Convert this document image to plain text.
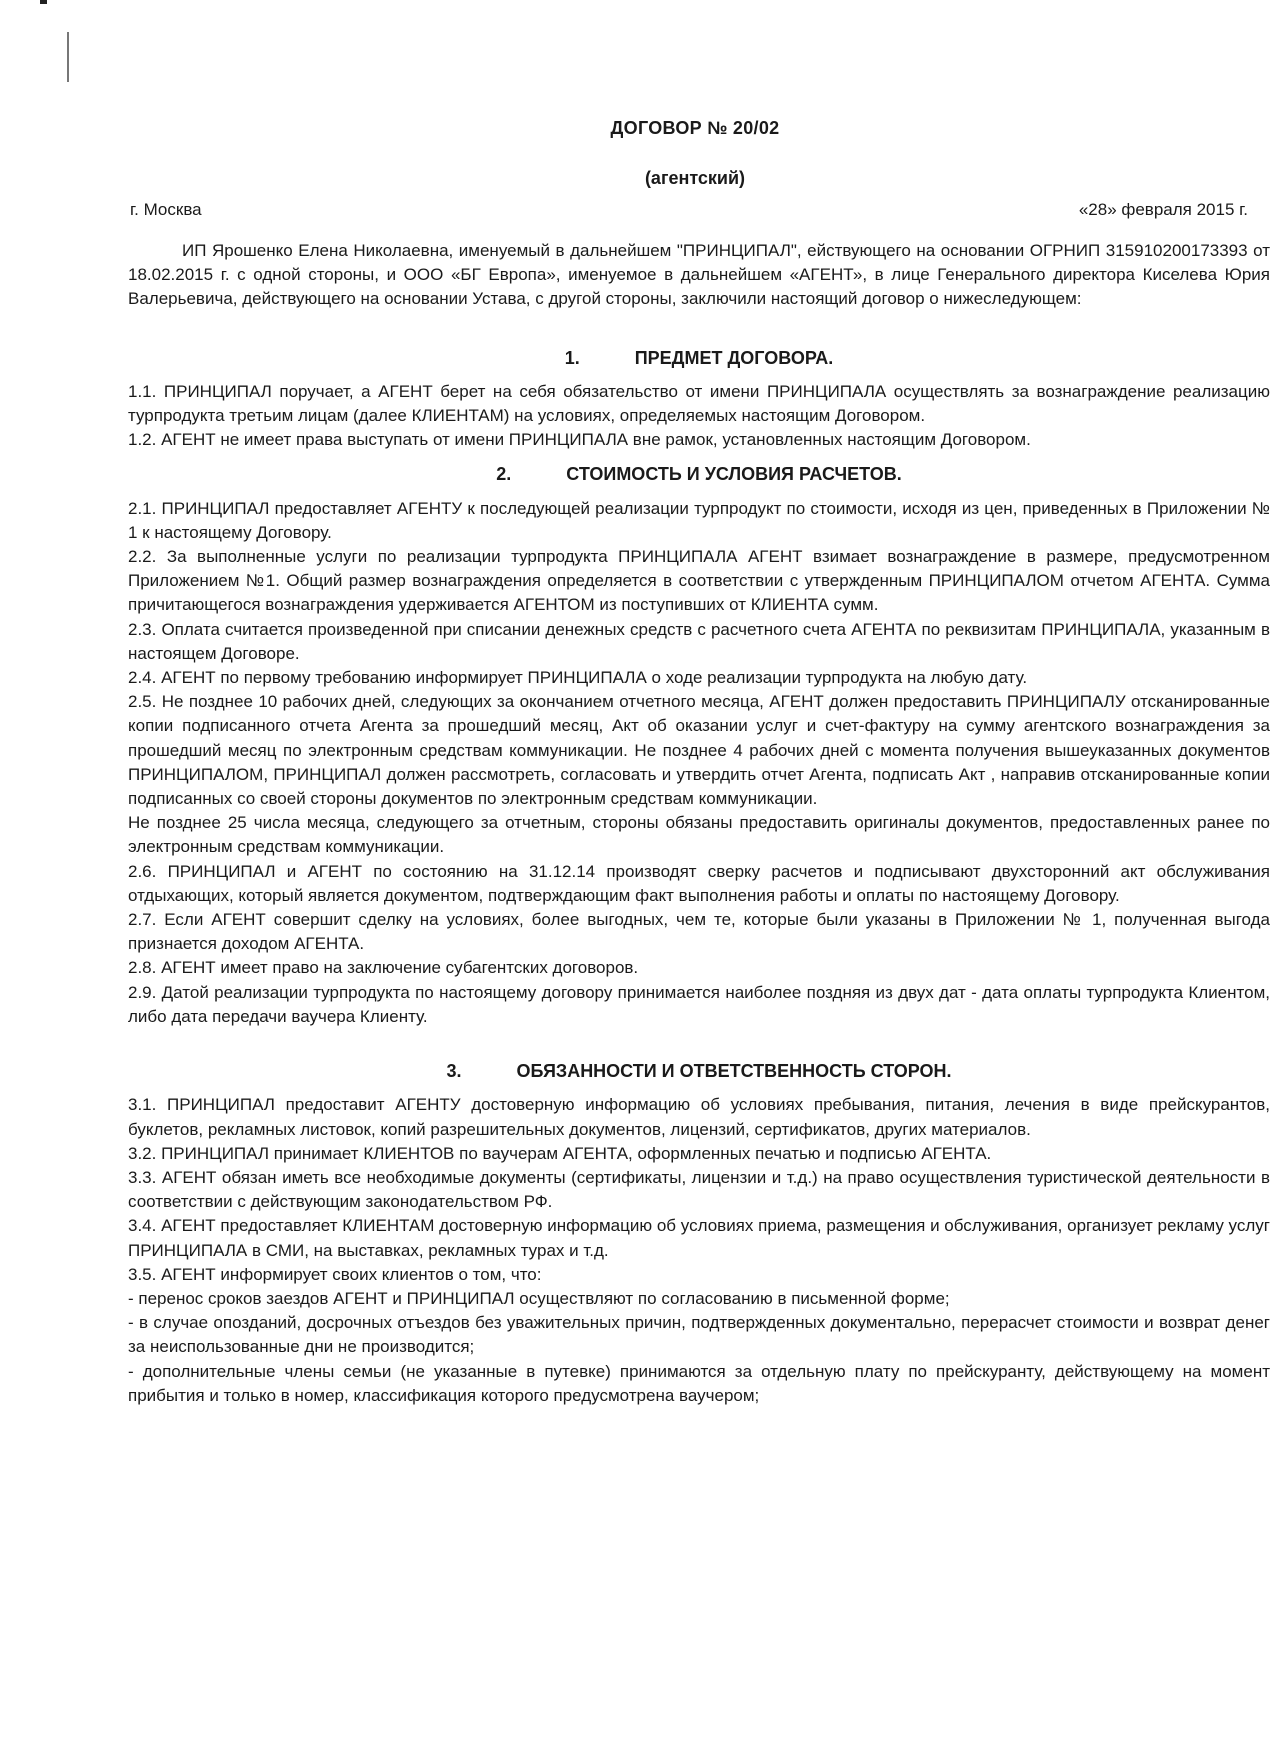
ДОГОВОР № 20/02
(агентский)
г. Москва	«28» февраля 2015 г.

ИП Ярошенко Елена Николаевна, именуемый в дальнейшем "ПРИНЦИПАЛ", ействующего на основании ОГРНИП 315910200173393 от 18.02.2015 г. с одной стороны, и ООО «БГ Европа», именуемое в дальнейшем «АГЕНТ», в лице Генерального директора Киселева Юрия Валерьевича, действующего на основании Устава, с другой стороны, заключили настоящий договор о нижеследующем:

1.	ПРЕДМЕТ ДОГОВОРА.

1.1. ПРИНЦИПАЛ поручает, а АГЕНТ берет на себя обязательство от имени ПРИНЦИПАЛА осуществлять за вознаграждение реализацию турпродукта третьим лицам (далее КЛИЕНТАМ) на условиях, определяемых настоящим Договором.

1.2. АГЕНТ не имеет права выступать от имени ПРИНЦИПАЛА вне рамок, установленных настоящим Договором.

2.	СТОИМОСТЬ И УСЛОВИЯ РАСЧЕТОВ.

2.1. ПРИНЦИПАЛ предоставляет АГЕНТУ к последующей реализации турпродукт по стоимости, исходя из цен, приведенных в Приложении № 1 к настоящему Договору.

2.2. За выполненные услуги по реализации турпродукта ПРИНЦИПАЛА АГЕНТ взимает вознаграждение в размере, предусмотренном Приложением №1. Общий размер вознаграждения определяется в соответствии с утвержденным ПРИНЦИПАЛОМ отчетом АГЕНТА. Сумма причитающегося вознаграждения удерживается АГЕНТОМ из поступивших от КЛИЕНТА сумм.

2.3. Оплата считается произведенной при списании денежных средств с расчетного счета АГЕНТА по реквизитам ПРИНЦИПАЛА, указанным в настоящем Договоре.

2.4. АГЕНТ по первому требованию информирует ПРИНЦИПАЛА о ходе реализации турпродукта на любую дату.

2.5. Не позднее 10 рабочих дней, следующих за окончанием отчетного месяца, АГЕНТ должен предоставить ПРИНЦИПАЛУ отсканированные копии подписанного отчета Агента за прошедший месяц, Акт об оказании услуг и счет-фактуру на сумму агентского вознаграждения за прошедший месяц по электронным средствам коммуникации. Не позднее 4 рабочих дней с момента получения вышеуказанных документов ПРИНЦИПАЛОМ, ПРИНЦИПАЛ должен рассмотреть, согласовать и утвердить отчет Агента, подписать Акт , направив отсканированные копии подписанных со своей стороны документов по электронным средствам коммуникации.

Не позднее 25 числа месяца, следующего за отчетным, стороны обязаны предоставить оригиналы документов, предоставленных ранее по электронным средствам коммуникации.

2.6. ПРИНЦИПАЛ и АГЕНТ по состоянию на 31.12.14 производят сверку расчетов и подписывают двухсторонний акт обслуживания отдыхающих, который является документом, подтверждающим факт выполнения работы и оплаты по настоящему Договору.

2.7. Если АГЕНТ совершит сделку на условиях, более выгодных, чем те, которые были указаны в Приложении № 1, полученная выгода признается доходом АГЕНТА.

2.8. АГЕНТ имеет право на заключение субагентских договоров.

2.9. Датой реализации турпродукта по настоящему договору принимается наиболее поздняя из двух дат - дата оплаты турпродукта Клиентом, либо дата передачи ваучера Клиенту.

3.	ОБЯЗАННОСТИ И ОТВЕТСТВЕННОСТЬ СТОРОН.

3.1. ПРИНЦИПАЛ предоставит АГЕНТУ достоверную информацию об условиях пребывания, питания, лечения в виде прейскурантов, буклетов, рекламных листовок, копий разрешительных документов, лицензий, сертификатов, других материалов.

3.2. ПРИНЦИПАЛ принимает КЛИЕНТОВ по ваучерам АГЕНТА, оформленных печатью и подписью АГЕНТА.

3.3. АГЕНТ обязан иметь все необходимые документы (сертификаты, лицензии и т.д.) на право осуществления туристической деятельности в соответствии с действующим законодательством РФ.

3.4. АГЕНТ предоставляет КЛИЕНТАМ достоверную информацию об условиях приема, размещения и обслуживания, организует рекламу услуг ПРИНЦИПАЛА в СМИ, на выставках, рекламных турах и т.д.

3.5. АГЕНТ информирует своих клиентов о том, что:

- перенос сроков заездов АГЕНТ и ПРИНЦИПАЛ осуществляют по согласованию в письменной форме;

- в случае опозданий, досрочных отъездов без уважительных причин, подтвержденных документально, перерасчет стоимости и возврат денег за неиспользованные дни не производится;

- дополнительные члены семьи (не указанные в путевке) принимаются за отдельную плату по прейскуранту, действующему на момент прибытия и только в номер, классификация которого предусмотрена ваучером;
